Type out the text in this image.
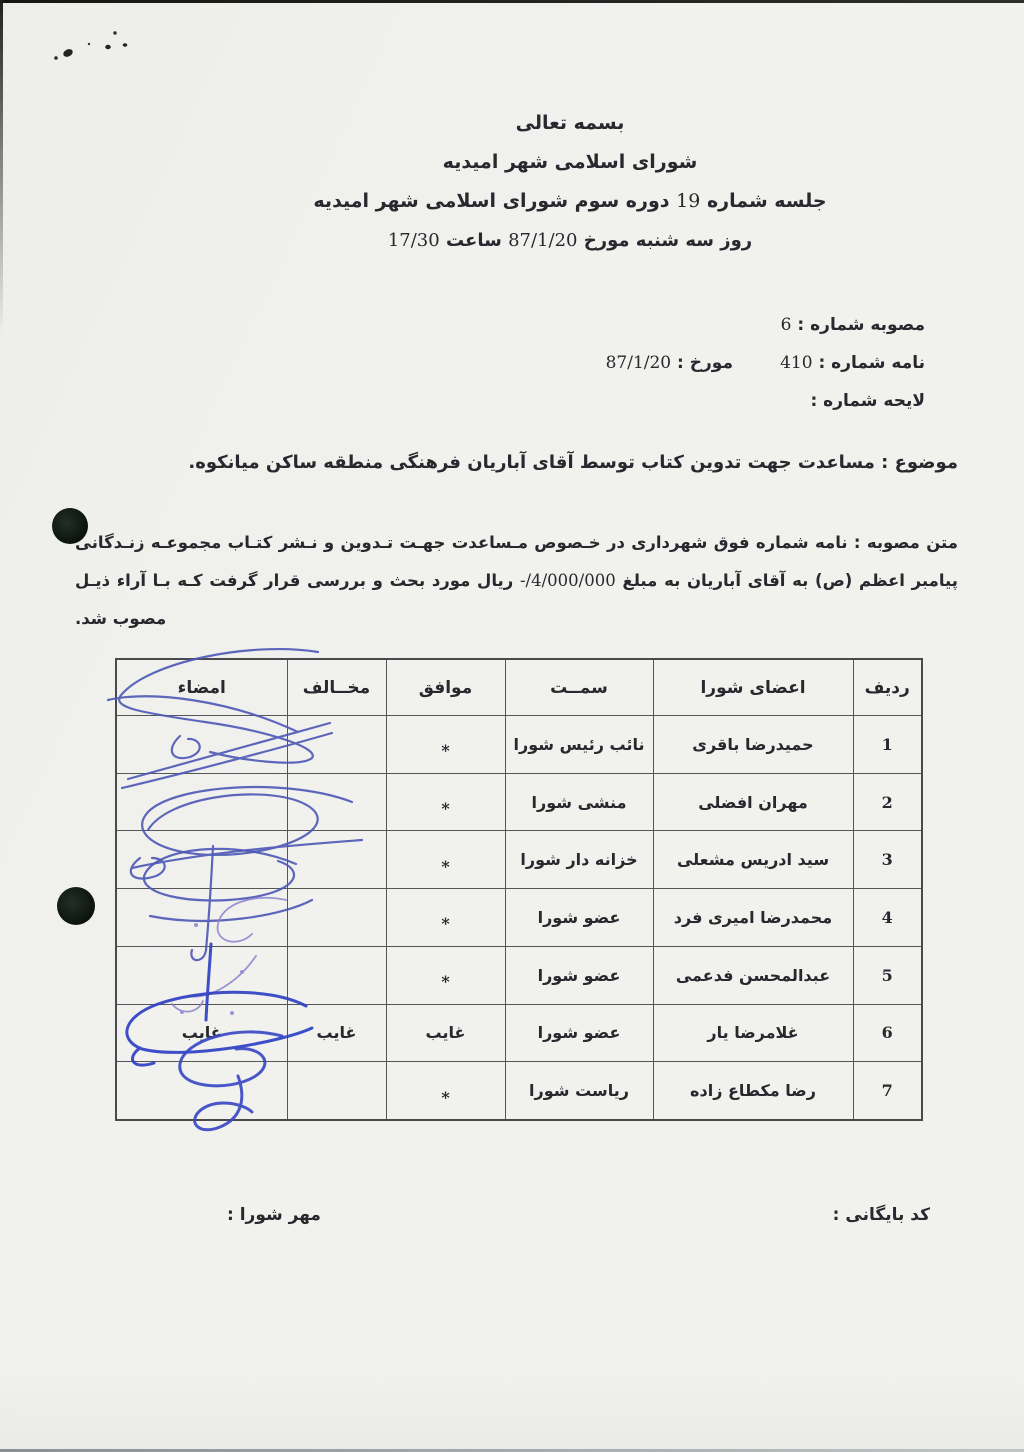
بسمه تعالی
شورای اسلامی شهر امیدیه
جلسه شماره 19 دوره سوم شورای اسلامی شهر امیدیه
روز سه شنبه مورخ 87/1/20 ساعت 17/30
مصوبه شماره : 6
نامه شماره : 410
مورخ : 87/1/20
لایحه شماره :
موضوع : مساعدت جهت تدوین کتاب توسط آقای آباریان فرهنگی منطقه ساکن میانکوه.
متن مصوبه : نامه شماره فوق شهرداری در خـصوص مـساعدت جهـت تـدوین و نـشر کتـاب مجموعـه زنـدگانی
پیامبر اعظم (ص) به آقای آباریان به مبلغ -/4/000/000 ریال مورد بحث و بررسی قرار گرفت کـه بـا آراء ذیـل
مصوب شد.
ردیف	اعضای شورا	سمــت	موافق	مخــالف	امضاء
1	حمیدرضا باقری	نائب رئیس شورا	*		
2	مهران افضلی	منشی شورا	*		
3	سید ادریس مشعلی	خزانه دار شورا	*		
4	محمدرضا امیری فرد	عضو شورا	*		
5	عبدالمحسن فدعمی	عضو شورا	*		
6	غلامرضا یار	عضو شورا	غایب	غایب	غایب
7	رضا مکطاع زاده	ریاست شورا	*		
کد بایگانی :
مهر شورا :
